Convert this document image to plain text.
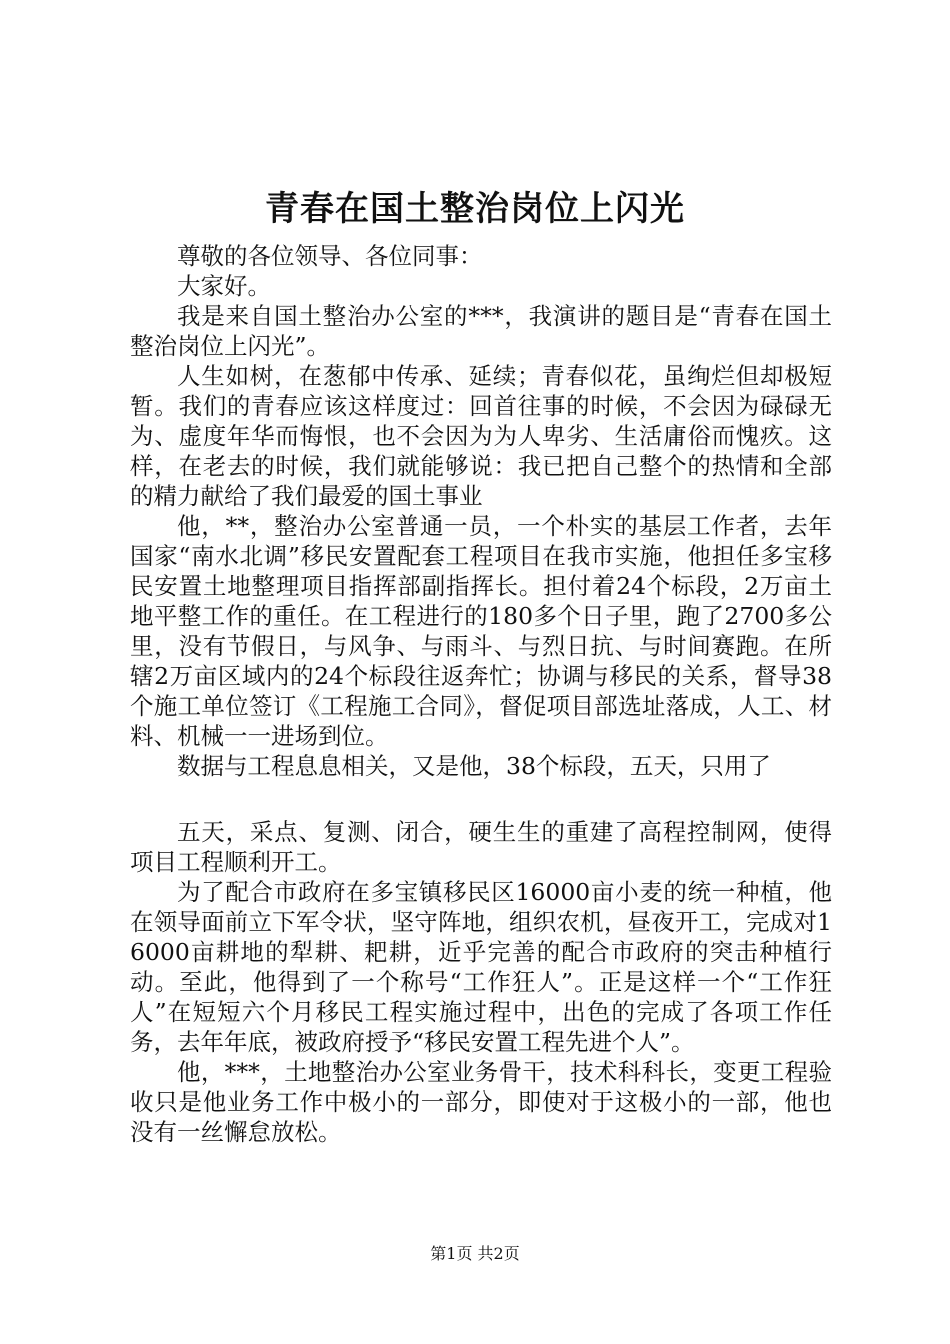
青春在国土整治岗位上闪光

尊敬的各位领导、各位同事：

大家好。

我是来自国土整治办公室的***，我演讲的题目是“青春在国土整治岗位上闪光”。

人生如树，在葱郁中传承、延续；青春似花，虽绚烂但却极短暂。我们的青春应该这样度过：回首往事的时候，不会因为碌碌无为、虚度年华而悔恨，也不会因为为人卑劣、生活庸俗而愧疚。这样，在老去的时候，我们就能够说：我已把自己整个的热情和全部的精力献给了我们最爱的国土事业

他，**，整治办公室普通一员，一个朴实的基层工作者，去年国家“南水北调”移民安置配套工程项目在我市实施，他担任多宝移民安置土地整理项目指挥部副指挥长。担付着24个标段，2万亩土地平整工作的重任。在工程进行的180多个日子里，跑了2700多公里，没有节假日，与风争、与雨斗、与烈日抗、与时间赛跑。在所辖2万亩区域内的24个标段往返奔忙；协调与移民的关系，督导38个施工单位签订《工程施工合同》，督促项目部选址落成，人工、材料、机械一一进场到位。

数据与工程息息相关，又是他，38个标段，五天，只用了

五天，采点、复测、闭合，硬生生的重建了高程控制网，使得项目工程顺利开工。

为了配合市政府在多宝镇移民区16000亩小麦的统一种植，他在领导面前立下军令状，坚守阵地，组织农机，昼夜开工，完成对16000亩耕地的犁耕、耙耕，近乎完善的配合市政府的突击种植行动。至此，他得到了一个称号“工作狂人”。正是这样一个“工作狂人”在短短六个月移民工程实施过程中，出色的完成了各项工作任务，去年年底，被政府授予“移民安置工程先进个人”。

他，***，土地整治办公室业务骨干，技术科科长，变更工程验收只是他业务工作中极小的一部分，即使对于这极小的一部，他也没有一丝懈怠放松。

第1页 共2页
